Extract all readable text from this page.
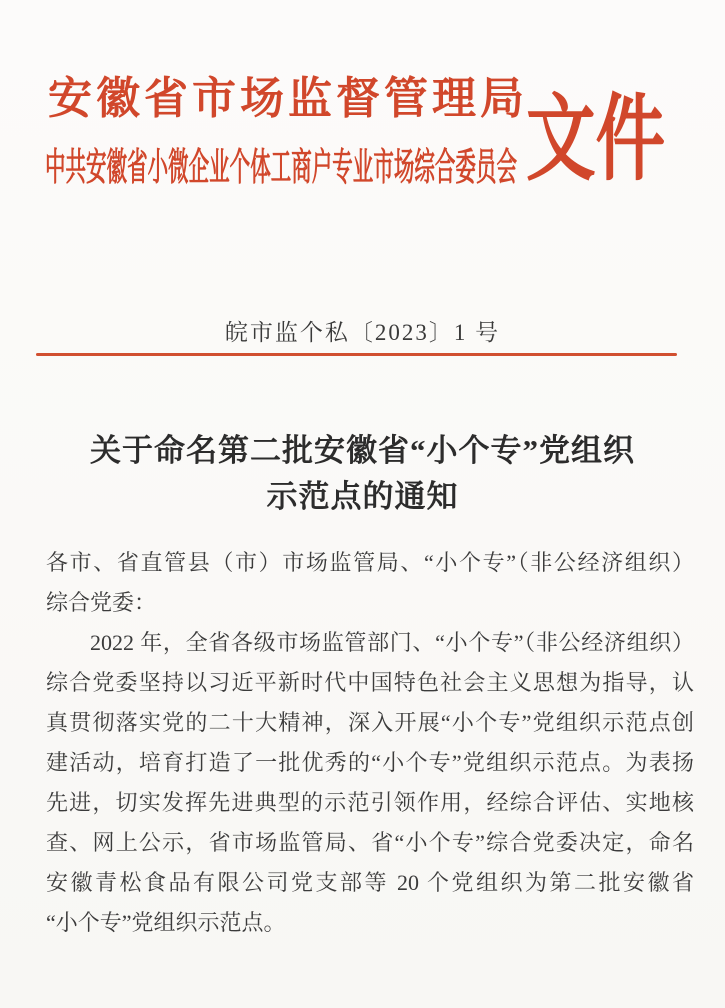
安徽省市场监督管理局
中共安徽省小微企业个体工商户专业市场综合委员会 文件
皖市监个私〔2023〕1 号
关于命名第二批安徽省“小个专”党组织
示范点的通知
各市、省直管县（市）市场监管局、“小个专”（非公经济组织）
综合党委：
2022 年，全省各级市场监管部门、“小个专”（非公经济组织）
综合党委坚持以习近平新时代中国特色社会主义思想为指导，认
真贯彻落实党的二十大精神，深入开展“小个专”党组织示范点创
建活动，培育打造了一批优秀的“小个专”党组织示范点。为表扬
先进，切实发挥先进典型的示范引领作用，经综合评估、实地核
查、网上公示，省市场监管局、省“小个专”综合党委决定，命名
安徽青松食品有限公司党支部等 20 个党组织为第二批安徽省
“小个专”党组织示范点。
